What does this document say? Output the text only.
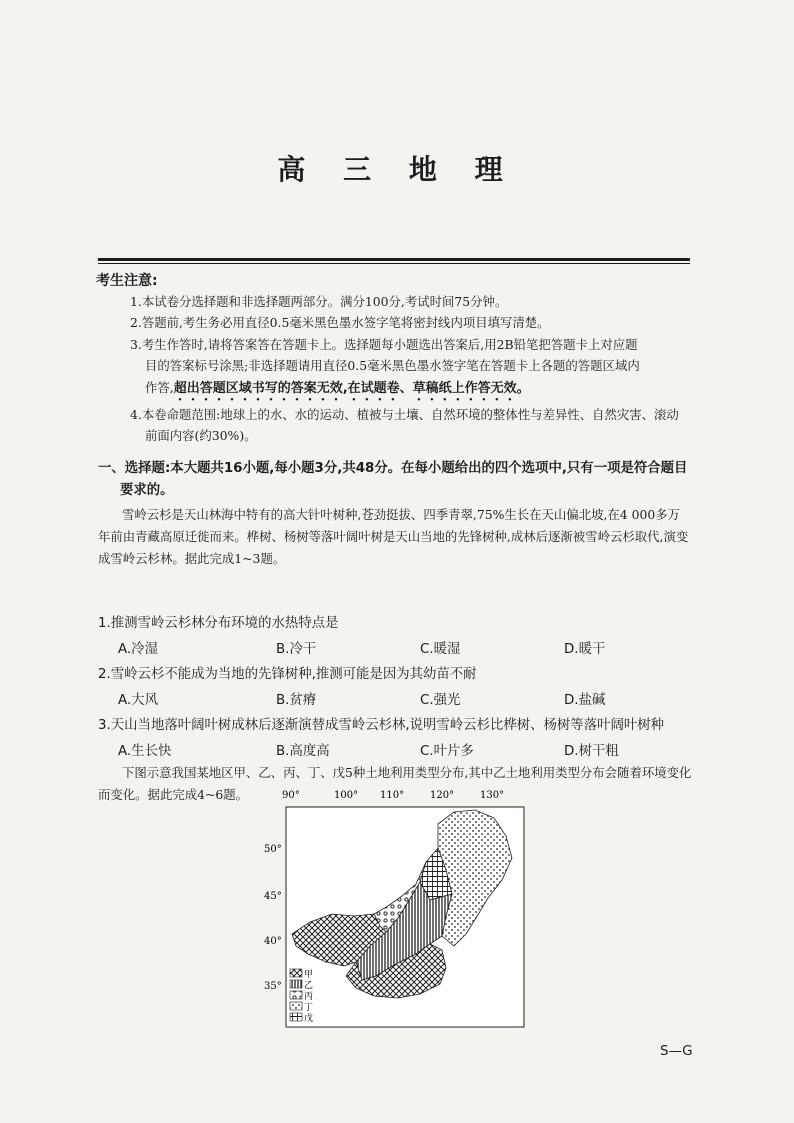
高 三 地 理
考生注意:

1.本试卷分选择题和非选择题两部分。满分100分,考试时间75分钟。

2.答题前,考生务必用直径0.5毫米黑色墨水签字笔将密封线内项目填写清楚。

3.考生作答时,请将答案答在答题卡上。选择题每小题选出答案后,用2B铅笔把答题卡上对应题
目的答案标号涂黑;非选择题请用直径0.5毫米黑色墨水签字笔在答题卡上各题的答题区域内
作答,超出答题区域书写的答案无效,在试题卷、草稿纸上作答无效。

4.本卷命题范围:地球上的水、水的运动、植被与土壤、自然环境的整体性与差异性、自然灾害、滚动
前面内容(约30%)。

一、选择题:本大题共16小题,每小题3分,共48分。在每小题给出的四个选项中,只有一项是符合题目
要求的。
雪岭云杉是天山林海中特有的高大针叶树种,苍劲挺拔、四季青翠,75%生长在天山偏北坡,在4 000多万年前由青藏高原迁徙而来。桦树、杨树等落叶阔叶树是天山当地的先锋树种,成林后逐渐被雪岭云杉取代,演变成雪岭云杉林。据此完成1~3题。
1.推测雪岭云杉林分布环境的水热特点是
A.冷湿	B.冷干	C.暖湿	D.暖干
2.雪岭云杉不能成为当地的先锋树种,推测可能是因为其幼苗不耐
A.大风	B.贫瘠	C.强光	D.盐碱
3.天山当地落叶阔叶树成林后逐渐演替成雪岭云杉林,说明雪岭云杉比桦树、杨树等落叶阔叶树种
A.生长快	B.高度高	C.叶片多	D.树干粗
下图示意我国某地区甲、乙、丙、丁、戊5种土地利用类型分布,其中乙土地利用类型分布会随着环境变化而变化。据此完成4~6题。	90°	100° 110°	120°	130°
50°
45°
40°
35°
甲
乙
丙
丁
戊
S—G
